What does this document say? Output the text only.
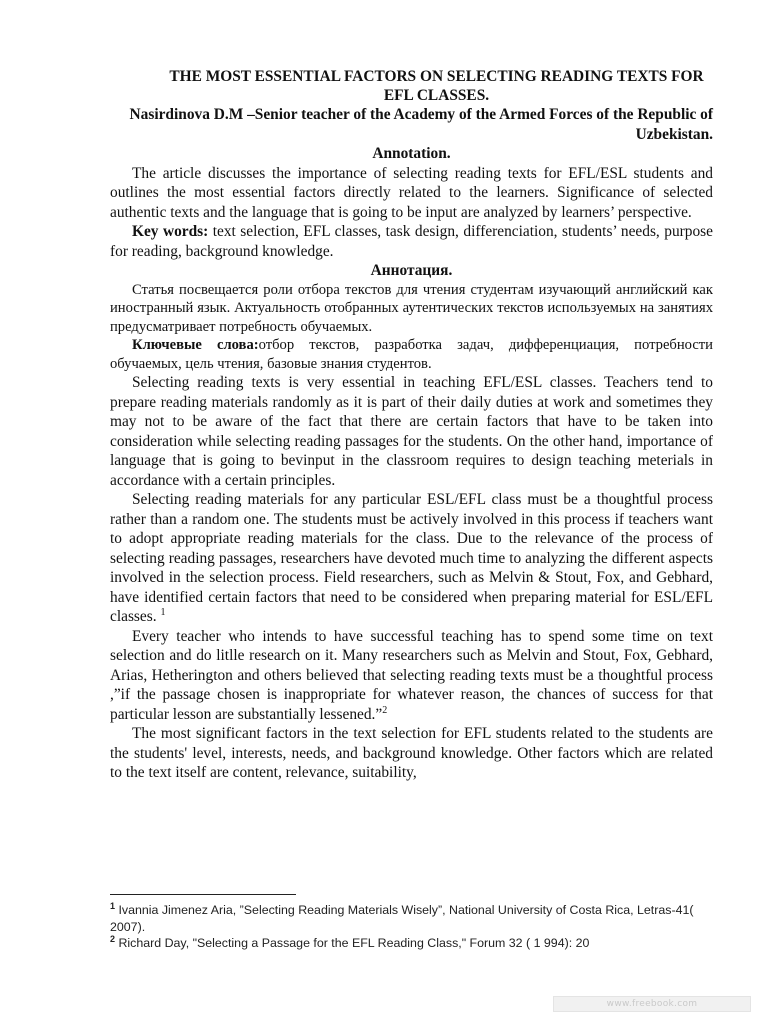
THE MOST ESSENTIAL FACTORS ON SELECTING READING TEXTS FOR EFL CLASSES.
Nasirdinova D.M –Senior teacher of the Academy of the Armed Forces of the Republic of Uzbekistan.
Annotation.

The article discusses the importance of selecting reading texts for EFL/ESL students and outlines the most essential factors directly related to the learners. Significance of selected authentic texts and the language that is going to be input are analyzed by learners’ perspective.

Key words: text selection, EFL classes, task design, differenciation, students’ needs, purpose for reading, background knowledge.

Аннотация.

Статья посвещается роли отбора текстов для чтения студентам изучающий английский как иностранный язык. Актуальность отобранных аутентических текстов используемых на занятиях предусматривает потребность обучаемых.

Ключевые слова:отбор текстов, разработка задач, дифференциация, потребности обучаемых, цель чтения, базовые знания студентов.

Selecting reading texts is very essential in teaching EFL/ESL classes. Teachers tend to prepare reading materials randomly as it is part of their daily duties at work and sometimes they may not to be aware of the fact that there are certain factors that have to be taken into consideration while selecting reading passages for the students. On the other hand, importance of language that is going to bevinput in the classroom requires to design teaching meterials in accordance with a certain principles.

Selecting reading materials for any particular ESL/EFL class must be a thoughtful process rather than a random one. The students must be actively involved in this process if teachers want to adopt appropriate reading materials for the class. Due to the relevance of the process of selecting reading passages, researchers have devoted much time to analyzing the different aspects involved in the selection process. Field researchers, such as Melvin & Stout, Fox, and Gebhard, have identified certain factors that need to be considered when preparing material for ESL/EFL classes. $^1$

Every teacher who intends to have successful teaching has to spend some time on text selection and do litlle research on it. Many researchers such as Melvin and Stout, Fox, Gebhard, Arias, Hetherington and others believed that selecting reading texts must be a thoughtful process ,”if the passage chosen is inappropriate for whatever reason, the chances of success for that particular lesson are substantially lessened.”$^2$

The most significant factors in the text selection for EFL students related to the students are the students' level, interests, needs, and background knowledge. Other factors which are related to the text itself are content, relevance, suitability,

$^1$ Ivannia Jimenez Aria, ”Selecting Reading Materials Wisely”, National University of Costa Rica, Letras-41( 2007).
$^2$ Richard Day, "Selecting a Passage for the EFL Reading Class," Forum 32 ( 1 994): 20
www.freebook.com
